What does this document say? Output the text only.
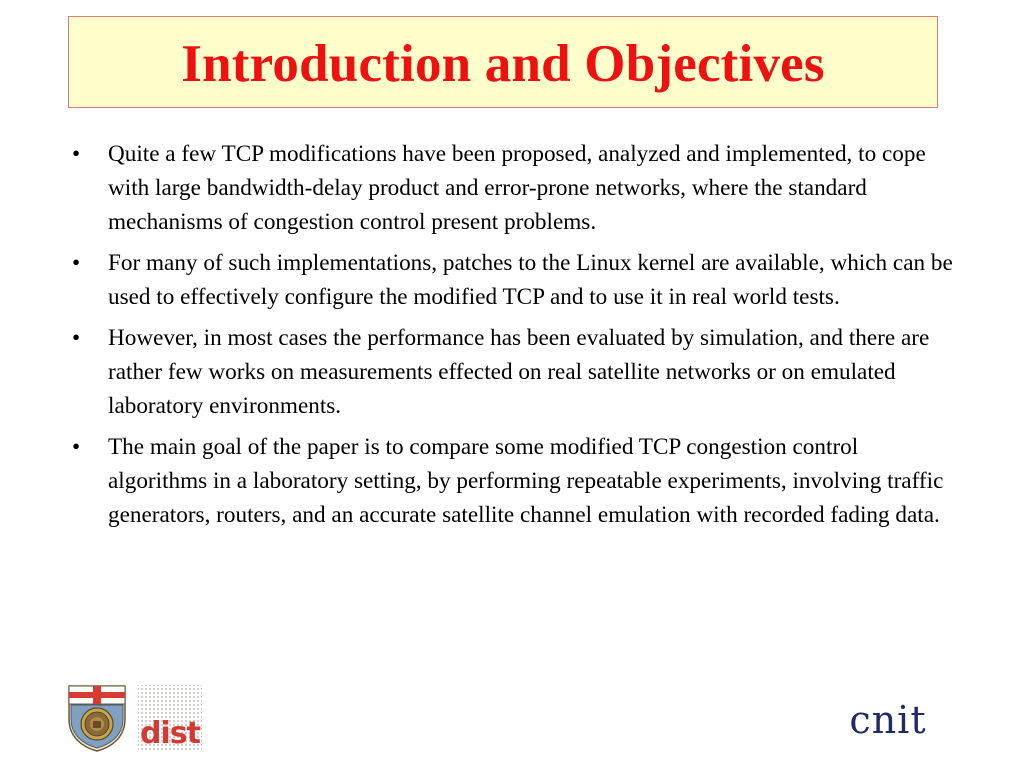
Introduction and Objectives
•	Quite a few TCP modifications have been proposed, analyzed and implemented, to cope with large bandwidth-delay product and error-prone networks, where the standard mechanisms of congestion control present problems.
•	For many of such implementations, patches to the Linux kernel are available, which can be used to effectively configure the modified TCP and to use it in real world tests.
•	However, in most cases the performance has been evaluated by simulation, and there are rather few works on measurements effected on real satellite networks or on emulated laboratory environments.
•	The main goal of the paper is to compare some modified TCP congestion control algorithms in a laboratory setting, by performing repeatable experiments, involving traffic generators, routers, and an accurate satellite channel emulation with recorded fading data.
dist	cnit
